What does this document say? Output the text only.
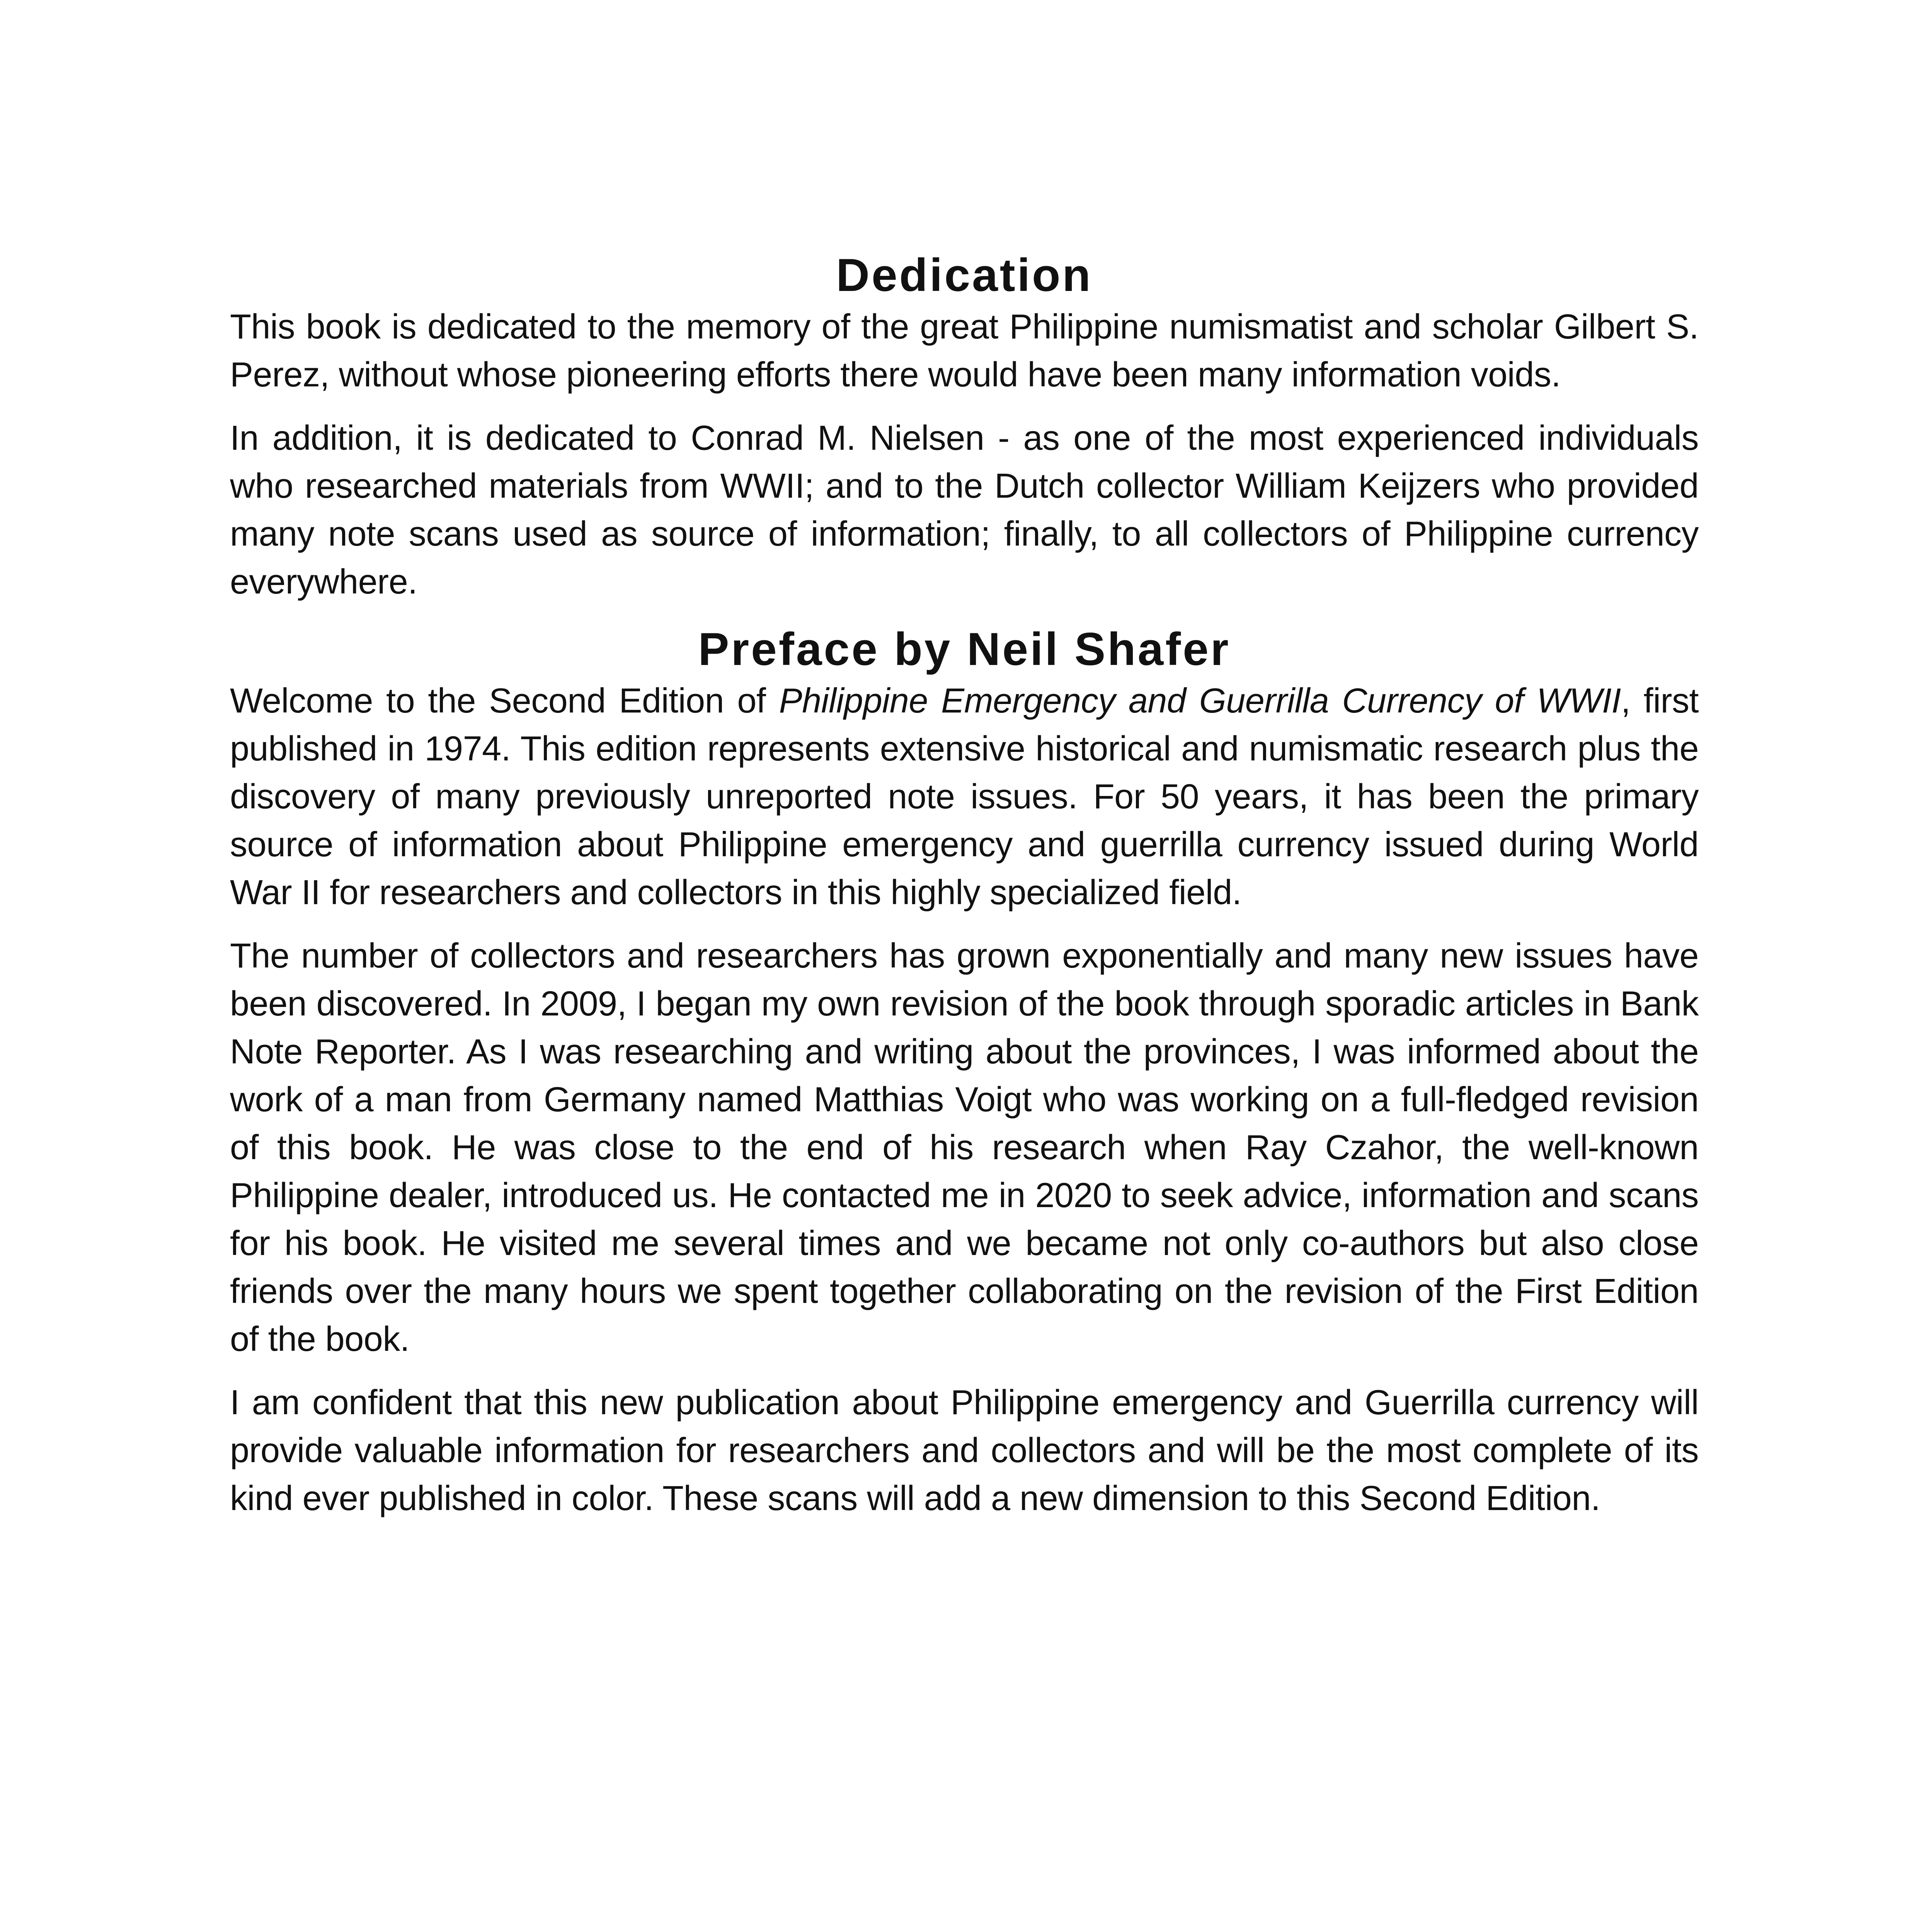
Dedication

This book is dedicated to the memory of the great Philippine numismatist and scholar Gilbert S. Perez, without whose pioneering efforts there would have been many information voids.

In addition, it is dedicated to Conrad M. Nielsen - as one of the most experienced individuals who researched materials from WWII; and to the Dutch collector William Keijzers who provided many note scans used as source of information; finally, to all collectors of Philippine currency everywhere.

Preface by Neil Shafer

Welcome to the Second Edition of Philippine Emergency and Guerrilla Currency of WWII, first published in 1974. This edition represents extensive historical and numismatic research plus the discovery of many previously unreported note issues. For 50 years, it has been the primary source of information about Philippine emergency and guerrilla currency issued during World War II for researchers and collectors in this highly specialized field.

The number of collectors and researchers has grown exponentially and many new issues have been discovered. In 2009, I began my own revision of the book through sporadic articles in Bank Note Reporter. As I was researching and writing about the provinces, I was informed about the work of a man from Germany named Matthias Voigt who was working on a full-fledged revision of this book. He was close to the end of his research when Ray Czahor, the well-known Philippine dealer, introduced us. He contacted me in 2020 to seek advice, information and scans for his book. He visited me several times and we became not only co-authors but also close friends over the many hours we spent together collaborating on the revision of the First Edition of the book.

I am confident that this new publication about Philippine emergency and Guerrilla currency will provide valuable information for researchers and collectors and will be the most complete of its kind ever published in color. These scans will add a new dimension to this Second Edition.
